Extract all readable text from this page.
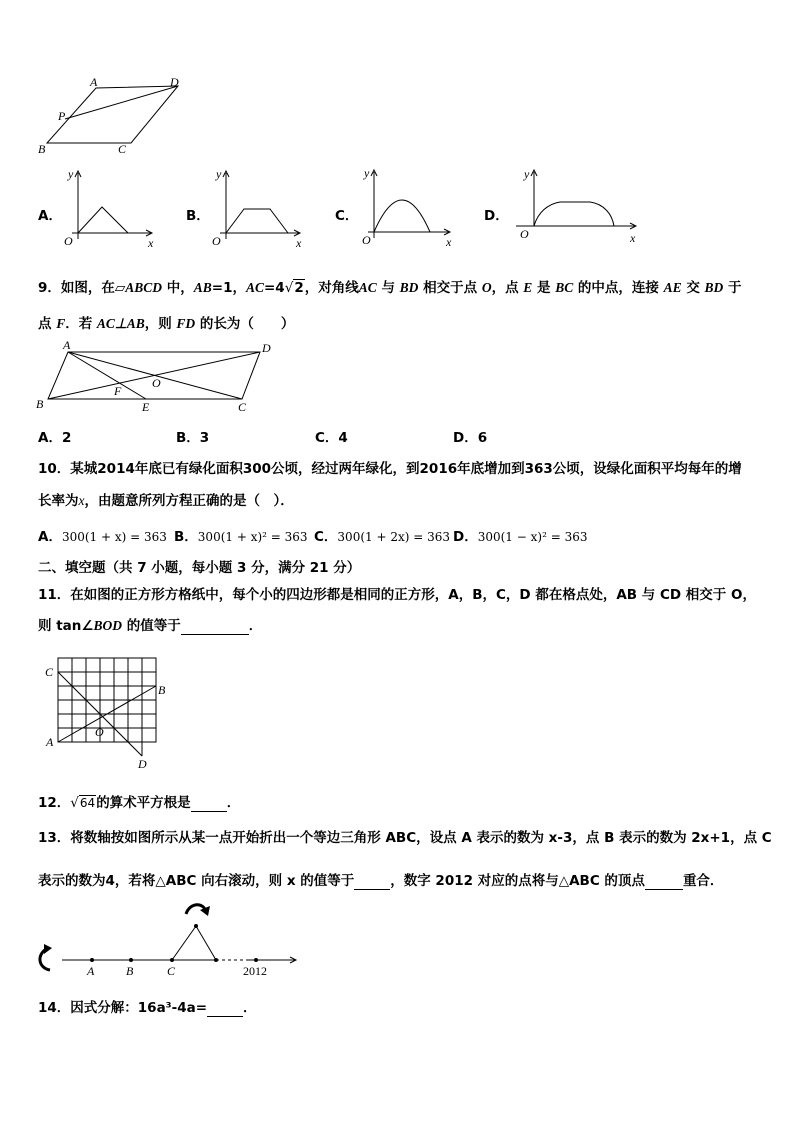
A	D
P
B	C
A．
y
x
O
B．
y
x
O
C．
y
x
O
D．
y
x
O
9．如图，在▱ABCD 中，AB=1，AC=4√2，对角线AC 与 BD 相交于点 O，点 E 是 BC 的中点，连接 AE 交 BD 于
点 F．若 AC⊥AB，则 FD 的长为（　　）
A	D
O
F
E
B	C
A．2	B．3	C．4	D．6
10．某城2014年底已有绿化面积300公顷，经过两年绿化，到2016年底增加到363公顷，设绿化面积平均每年的增
长率为x，由题意所列方程正确的是（　）．
A．300(1 + x) = 363 B．300(1 + x)² = 363 C．300(1 + 2x) = 363 D．300(1 − x)² = 363
二、填空题（共 7 小题，每小题 3 分，满分 21 分）
11．在如图的正方形方格纸中，每个小的四边形都是相同的正方形，A，B，C，D 都在格点处，AB 与 CD 相交于 O，
则 tan∠BOD 的值等于	．
C
B
A
O
D
12．√64的算术平方根是	．
13．将数轴按如图所示从某一点开始折出一个等边三角形 ABC，设点 A 表示的数为 x-3，点 B 表示的数为 2x+1，点 C
表示的数为4，若将△ABC 向右滚动，则 x 的值等于	，数字 2012 对应的点将与△ABC 的顶点	重合．
A	B	C	2012
14．因式分解：16a³-4a=	．
